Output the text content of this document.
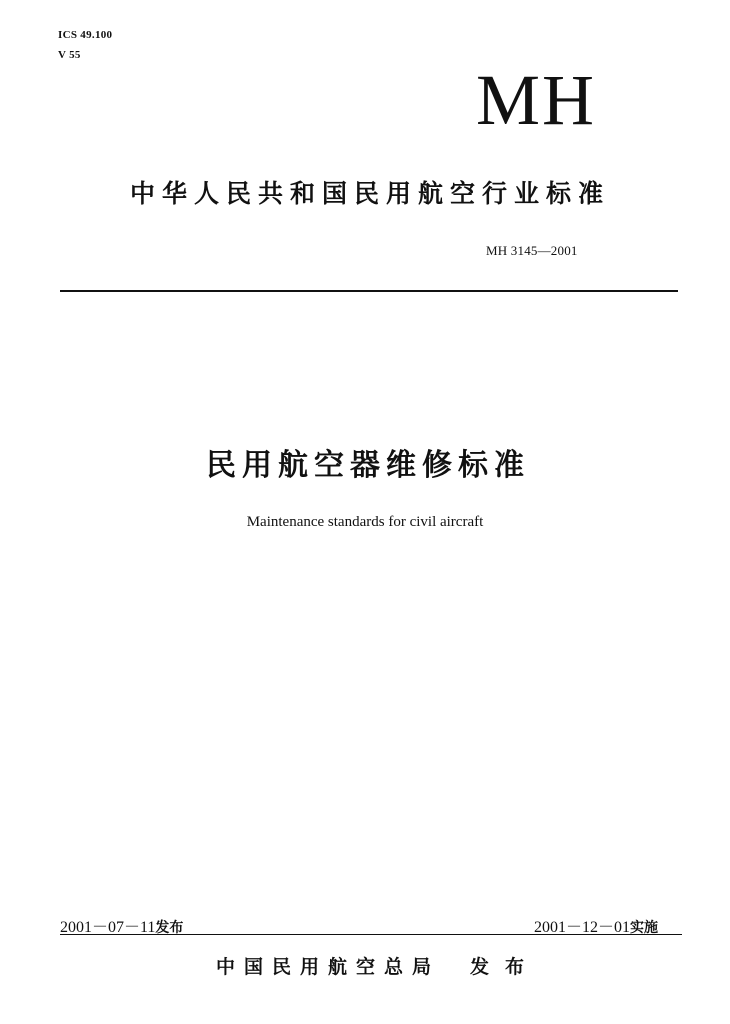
ICS 49.100
V 55
MH
中华人民共和国民用航空行业标准
MH 3145—2001
民用航空器维修标准
Maintenance standards for civil aircraft
2001－07－11发布	2001－12－01实施
中国民用航空总局 发布
